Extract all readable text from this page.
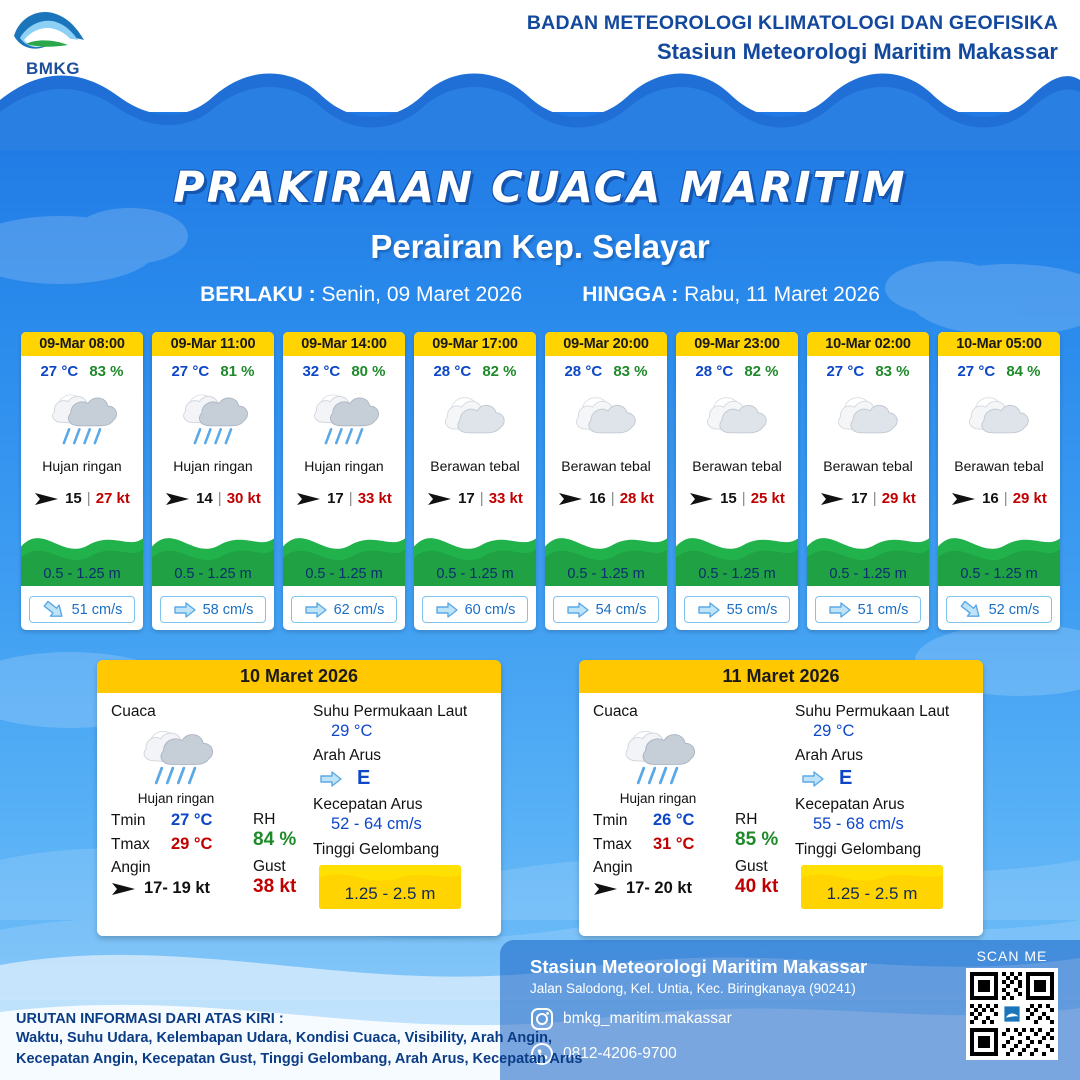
BMKG
BADAN METEOROLOGI KLIMATOLOGI DAN GEOFISIKA
Stasiun Meteorologi Maritim Makassar
PRAKIRAAN CUACA MARITIM
Perairan Kep. Selayar
BERLAKU : Senin, 09 Maret 2026	HINGGA : Rabu, 11 Maret 2026
09-Mar 08:00
27 °C 83 %
Hujan ringan
15 | 27 kt
0.5 - 1.25 m
51 cm/s
09-Mar 11:00
27 °C 81 %
Hujan ringan
14 | 30 kt
0.5 - 1.25 m
58 cm/s
09-Mar 14:00
32 °C 80 %
Hujan ringan
17 | 33 kt
0.5 - 1.25 m
62 cm/s
09-Mar 17:00
28 °C 82 %
Berawan tebal
17 | 33 kt
0.5 - 1.25 m
60 cm/s
09-Mar 20:00
28 °C 83 %
Berawan tebal
16 | 28 kt
0.5 - 1.25 m
54 cm/s
09-Mar 23:00
28 °C 82 %
Berawan tebal
15 | 25 kt
0.5 - 1.25 m
55 cm/s
10-Mar 02:00
27 °C 83 %
Berawan tebal
17 | 29 kt
0.5 - 1.25 m
51 cm/s
10-Mar 05:00
27 °C 84 %
Berawan tebal
16 | 29 kt
0.5 - 1.25 m
52 cm/s
10 Maret 2026
Cuaca
Hujan ringan
Tmin	27 °C
Tmax	29 °C
Angin
17- 19 kt
RH
84 %
Gust
38 kt
Suhu Permukaan Laut
29 °C
Arah Arus
E
Kecepatan Arus
52 - 64 cm/s
Tinggi Gelombang
1.25 - 2.5 m
11 Maret 2026
Cuaca
Hujan ringan
Tmin	26 °C
Tmax	31 °C
Angin
17- 20 kt
RH
85 %
Gust
40 kt
Suhu Permukaan Laut
29 °C
Arah Arus
E
Kecepatan Arus
55 - 68 cm/s
Tinggi Gelombang
1.25 - 2.5 m
Stasiun Meteorologi Maritim Makassar
Jalan Salodong, Kel. Untia, Kec. Biringkanaya (90241)
bmkg_maritim.makassar
0812-4206-9700
SCAN ME
URUTAN INFORMASI DARI ATAS KIRI :
Waktu, Suhu Udara, Kelembapan Udara, Kondisi Cuaca, Visibility, Arah Angin,
Kecepatan Angin, Kecepatan Gust, Tinggi Gelombang, Arah Arus, Kecepatan Arus
